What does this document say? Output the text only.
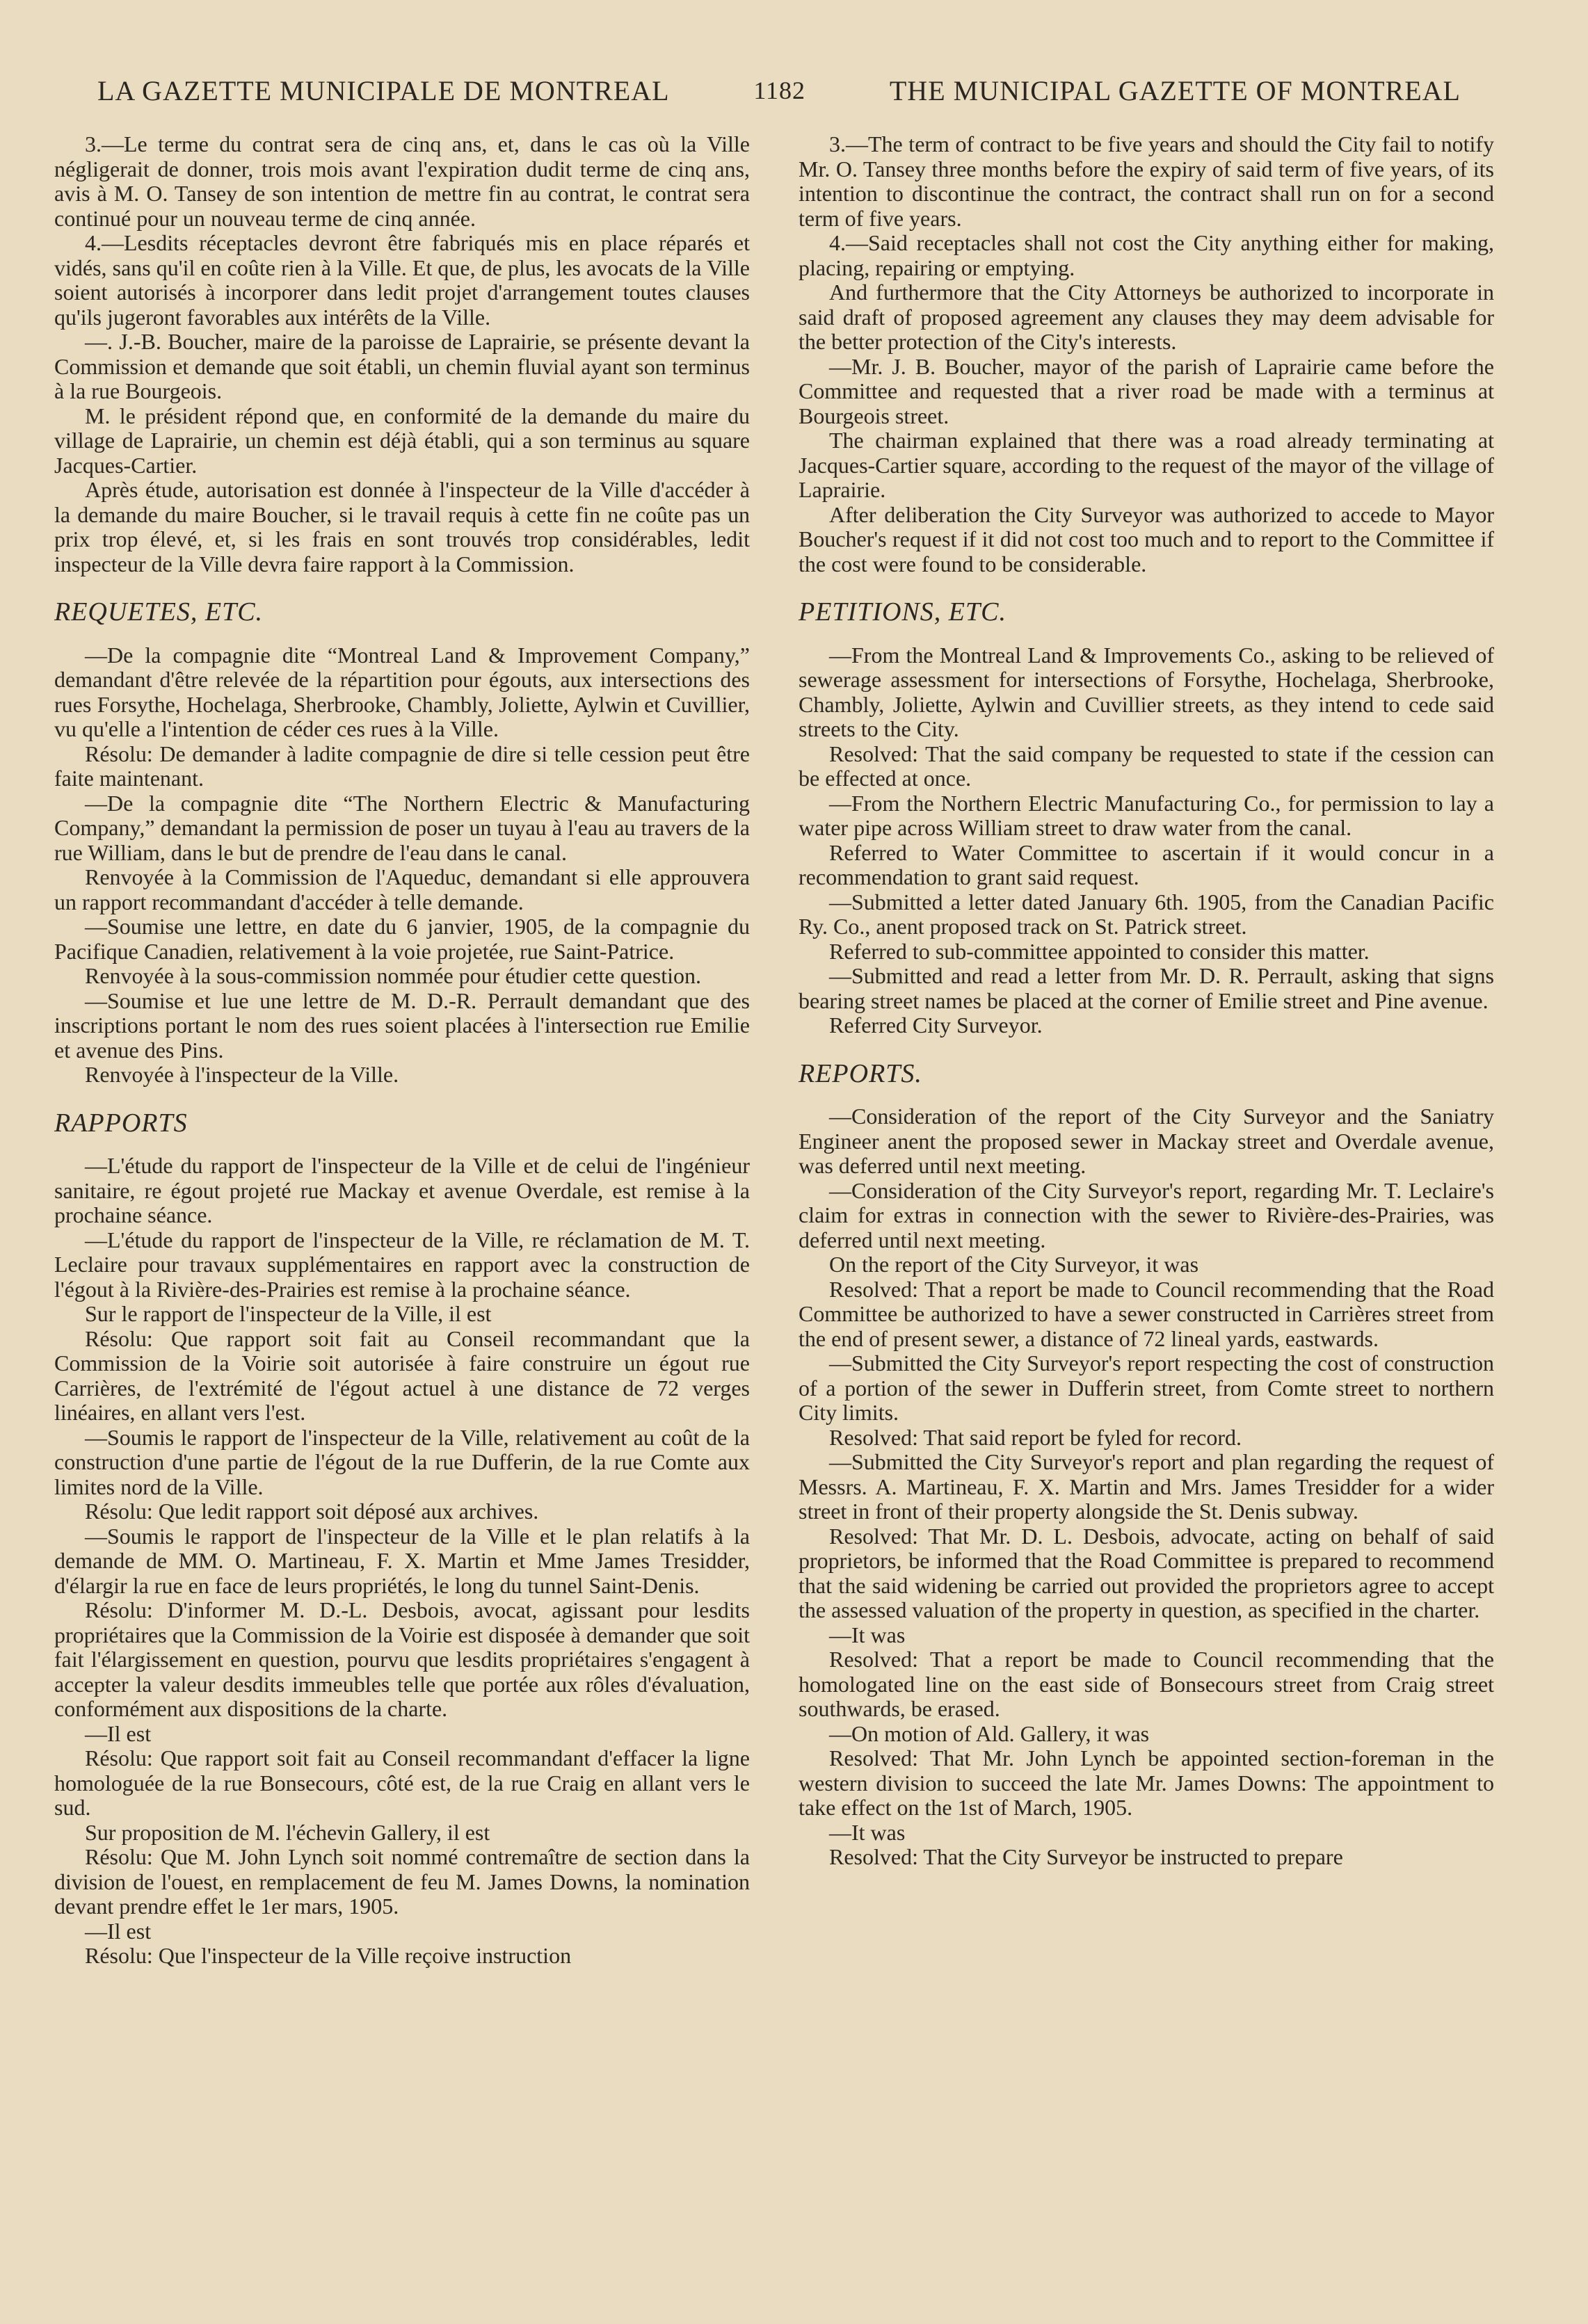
LA GAZETTE MUNICIPALE DE MONTREAL	1182	THE MUNICIPAL GAZETTE OF MONTREAL

3.—Le terme du contrat sera de cinq ans, et, dans le cas où la Ville négligerait de donner, trois mois avant l'expiration dudit terme de cinq ans, avis à M. O. Tansey de son intention de mettre fin au contrat, le contrat sera continué pour un nouveau terme de cinq année.

4.—Lesdits réceptacles devront être fabriqués mis en place réparés et vidés, sans qu'il en coûte rien à la Ville. Et que, de plus, les avocats de la Ville soient autorisés à incorporer dans ledit projet d'arrangement toutes clauses qu'ils jugeront favorables aux intérêts de la Ville.

—. J.-B. Boucher, maire de la paroisse de Laprairie, se présente devant la Commission et demande que soit établi, un chemin fluvial ayant son terminus à la rue Bourgeois.

M. le président répond que, en conformité de la demande du maire du village de Laprairie, un chemin est déjà établi, qui a son terminus au square Jacques-Cartier.

Après étude, autorisation est donnée à l'inspecteur de la Ville d'accéder à la demande du maire Boucher, si le travail requis à cette fin ne coûte pas un prix trop élevé, et, si les frais en sont trouvés trop considérables, ledit inspecteur de la Ville devra faire rapport à la Commission.

REQUETES, ETC.

—De la compagnie dite “Montreal Land & Improvement Company,” demandant d'être relevée de la répartition pour égouts, aux intersections des rues Forsythe, Hochelaga, Sherbrooke, Chambly, Joliette, Aylwin et Cuvillier, vu qu'elle a l'intention de céder ces rues à la Ville.

Résolu: De demander à ladite compagnie de dire si telle cession peut être faite maintenant.

—De la compagnie dite “The Northern Electric & Manufacturing Company,” demandant la permission de poser un tuyau à l'eau au travers de la rue William, dans le but de prendre de l'eau dans le canal.

Renvoyée à la Commission de l'Aqueduc, demandant si elle approuvera un rapport recommandant d'accéder à telle demande.

—Soumise une lettre, en date du 6 janvier, 1905, de la compagnie du Pacifique Canadien, relativement à la voie projetée, rue Saint-Patrice.

Renvoyée à la sous-commission nommée pour étudier cette question.

—Soumise et lue une lettre de M. D.-R. Perrault demandant que des inscriptions portant le nom des rues soient placées à l'intersection rue Emilie et avenue des Pins.

Renvoyée à l'inspecteur de la Ville.

RAPPORTS

—L'étude du rapport de l'inspecteur de la Ville et de celui de l'ingénieur sanitaire, re égout projeté rue Mackay et avenue Overdale, est remise à la prochaine séance.

—L'étude du rapport de l'inspecteur de la Ville, re réclamation de M. T. Leclaire pour travaux supplémentaires en rapport avec la construction de l'égout à la Rivière-des-Prairies est remise à la prochaine séance.

Sur le rapport de l'inspecteur de la Ville, il est

Résolu: Que rapport soit fait au Conseil recommandant que la Commission de la Voirie soit autorisée à faire construire un égout rue Carrières, de l'extrémité de l'égout actuel à une distance de 72 verges linéaires, en allant vers l'est.

—Soumis le rapport de l'inspecteur de la Ville, relativement au coût de la construction d'une partie de l'égout de la rue Dufferin, de la rue Comte aux limites nord de la Ville.

Résolu: Que ledit rapport soit déposé aux archives.

—Soumis le rapport de l'inspecteur de la Ville et le plan relatifs à la demande de MM. O. Martineau, F. X. Martin et Mme James Tresidder, d'élargir la rue en face de leurs propriétés, le long du tunnel Saint-Denis.

Résolu: D'informer M. D.-L. Desbois, avocat, agissant pour lesdits propriétaires que la Commission de la Voirie est disposée à demander que soit fait l'élargissement en question, pourvu que lesdits propriétaires s'engagent à accepter la valeur desdits immeubles telle que portée aux rôles d'évaluation, conformément aux dispositions de la charte.

—Il est

Résolu: Que rapport soit fait au Conseil recommandant d'effacer la ligne homologuée de la rue Bonsecours, côté est, de la rue Craig en allant vers le sud.

Sur proposition de M. l'échevin Gallery, il est

Résolu: Que M. John Lynch soit nommé contremaître de section dans la division de l'ouest, en remplacement de feu M. James Downs, la nomination devant prendre effet le 1er mars, 1905.

—Il est

Résolu: Que l'inspecteur de la Ville reçoive instruction

3.—The term of contract to be five years and should the City fail to notify Mr. O. Tansey three months before the expiry of said term of five years, of its intention to discontinue the contract, the contract shall run on for a second term of five years.

4.—Said receptacles shall not cost the City anything either for making, placing, repairing or emptying.

And furthermore that the City Attorneys be authorized to incorporate in said draft of proposed agreement any clauses they may deem advisable for the better protection of the City's interests.

—Mr. J. B. Boucher, mayor of the parish of Laprairie came before the Committee and requested that a river road be made with a terminus at Bourgeois street.

The chairman explained that there was a road already terminating at Jacques-Cartier square, according to the request of the mayor of the village of Laprairie.

After deliberation the City Surveyor was authorized to accede to Mayor Boucher's request if it did not cost too much and to report to the Committee if the cost were found to be considerable.

PETITIONS, ETC.

—From the Montreal Land & Improvements Co., asking to be relieved of sewerage assessment for intersections of Forsythe, Hochelaga, Sherbrooke, Chambly, Joliette, Aylwin and Cuvillier streets, as they intend to cede said streets to the City.

Resolved: That the said company be requested to state if the cession can be effected at once.

—From the Northern Electric Manufacturing Co., for permission to lay a water pipe across William street to draw water from the canal.

Referred to Water Committee to ascertain if it would concur in a recommendation to grant said request.

—Submitted a letter dated January 6th. 1905, from the Canadian Pacific Ry. Co., anent proposed track on St. Patrick street.

Referred to sub-committee appointed to consider this matter.

—Submitted and read a letter from Mr. D. R. Perrault, asking that signs bearing street names be placed at the corner of Emilie street and Pine avenue.

Referred City Surveyor.

REPORTS.

—Consideration of the report of the City Surveyor and the Saniatry Engineer anent the proposed sewer in Mackay street and Overdale avenue, was deferred until next meeting.

—Consideration of the City Surveyor's report, regarding Mr. T. Leclaire's claim for extras in connection with the sewer to Rivière-des-Prairies, was deferred until next meeting.

On the report of the City Surveyor, it was

Resolved: That a report be made to Council recommending that the Road Committee be authorized to have a sewer constructed in Carrières street from the end of present sewer, a distance of 72 lineal yards, eastwards.

—Submitted the City Surveyor's report respecting the cost of construction of a portion of the sewer in Dufferin street, from Comte street to northern City limits.

Resolved: That said report be fyled for record.

—Submitted the City Surveyor's report and plan regarding the request of Messrs. A. Martineau, F. X. Martin and Mrs. James Tresidder for a wider street in front of their property alongside the St. Denis subway.

Resolved: That Mr. D. L. Desbois, advocate, acting on behalf of said proprietors, be informed that the Road Committee is prepared to recommend that the said widening be carried out provided the proprietors agree to accept the assessed valuation of the property in question, as specified in the charter.

—It was

Resolved: That a report be made to Council recommending that the homologated line on the east side of Bonsecours street from Craig street southwards, be erased.

—On motion of Ald. Gallery, it was

Resolved: That Mr. John Lynch be appointed section-foreman in the western division to succeed the late Mr. James Downs: The appointment to take effect on the 1st of March, 1905.

—It was

Resolved: That the City Surveyor be instructed to prepare
